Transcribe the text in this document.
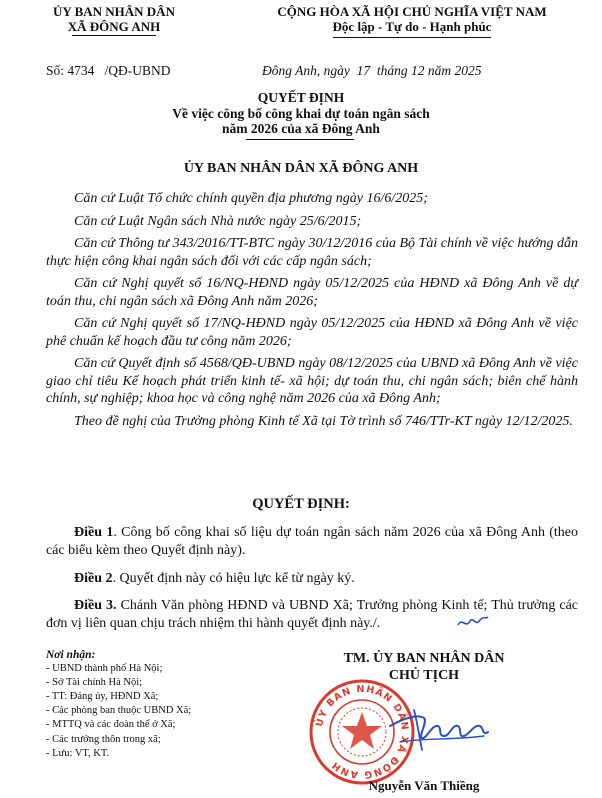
ỦY BAN NHÂN DÂN
XÃ ĐÔNG ANH
CỘNG HÒA XÃ HỘI CHỦ NGHĨA VIỆT NAM
Độc lập - Tự do - Hạnh phúc
Số: 4734   /QĐ-UBND	Đông Anh, ngày  17  tháng 12 năm 2025
QUYẾT ĐỊNH
Về việc công bố công khai dự toán ngân sách
năm 2026 của xã Đông Anh
ỦY BAN NHÂN DÂN XÃ ĐÔNG ANH
Căn cứ Luật Tổ chức chính quyền địa phương ngày 16/6/2025;
Căn cứ Luật Ngân sách Nhà nước ngày 25/6/2015;
Căn cứ Thông tư 343/2016/TT-BTC ngày 30/12/2016 của Bộ Tài chính về việc hướng dẫn thực hiện công khai ngân sách đối với các cấp ngân sách;
Căn cứ Nghị quyết số 16/NQ-HĐND ngày 05/12/2025 của HĐND xã Đông Anh về dự toán thu, chi ngân sách xã Đông Anh năm 2026;
Căn cứ Nghị quyết số 17/NQ-HĐND ngày 05/12/2025 của HĐND xã Đông Anh về việc phê chuẩn kế hoạch đầu tư công năm 2026;
Căn cứ Quyết định số 4568/QĐ-UBND ngày 08/12/2025 của UBND xã Đông Anh về việc giao chỉ tiêu Kế hoạch phát triển kinh tế- xã hội; dự toán thu, chi ngân sách; biên chế hành chính, sự nghiệp; khoa học và công nghệ năm 2026 của xã Đông Anh;
Theo đề nghị của Trưởng phòng Kinh tế Xã tại Tờ trình số 746/TTr-KT ngày 12/12/2025.
QUYẾT ĐỊNH:
Điều 1. Công bố công khai số liệu dự toán ngân sách năm 2026 của xã Đông Anh (theo các biểu kèm theo Quyết định này).
Điều 2. Quyết định này có hiệu lực kể từ ngày ký.
Điều 3. Chánh Văn phòng HĐND và UBND Xã; Trưởng phòng Kinh tế; Thủ trưởng các đơn vị liên quan chịu trách nhiệm thi hành quyết định này./.
Nơi nhận:
- UBND thành phố Hà Nội;
- Sở Tài chính Hà Nội;
- TT: Đảng ủy, HĐND Xã;
- Các phòng ban thuộc UBND Xã;
- MTTQ và các đoàn thể ở Xã;
- Các trưởng thôn trong xã;
- Lưu: VT, KT.
TM. ỦY BAN NHÂN DÂN
CHỦ TỊCH
ỦY BAN NHÂN DÂN XÃ ĐÔNG ANH
Nguyễn Văn Thiềng
